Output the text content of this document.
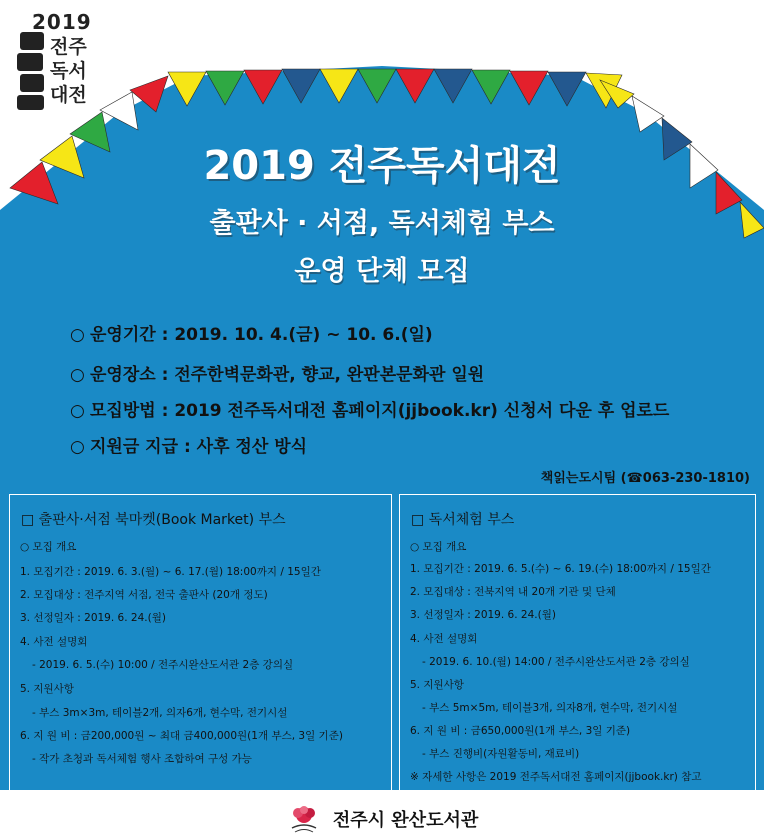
2019
전주
독서
대전
2019 전주독서대전
출판사 · 서점, 독서체험 부스
운영 단체 모집
○ 운영기간 : 2019. 10. 4.(금) ~ 10. 6.(일)
○ 운영장소 : 전주한벽문화관, 향교, 완판본문화관 일원
○ 모집방법 : 2019 전주독서대전 홈페이지(jjbook.kr) 신청서 다운 후 업로드
○ 지원금 지급 : 사후 정산 방식
책읽는도시팀 (☎063-230-1810)
□ 출판사·서점 북마켓(Book Market) 부스
○ 모집 개요
1. 모집기간 : 2019. 6. 3.(월) ~ 6. 17.(월) 18:00까지 / 15일간
2. 모집대상 : 전주지역 서점, 전국 출판사 (20개 정도)
3. 선정일자 : 2019. 6. 24.(월)
4. 사전 설명회
- 2019. 6. 5.(수) 10:00 / 전주시완산도서관 2층 강의실
5. 지원사항
- 부스 3m×3m, 테이블2개, 의자6개, 현수막, 전기시설
6. 지 원 비 : 금200,000원 ~ 최대 금400,000원(1개 부스, 3일 기준)
- 작가 초청과 독서체험 행사 조합하여 구성 가능
□ 독서체험 부스
○ 모집 개요
1. 모집기간 : 2019. 6. 5.(수) ~ 6. 19.(수) 18:00까지 / 15일간
2. 모집대상 : 전북지역 내 20개 기관 및 단체
3. 선정일자 : 2019. 6. 24.(월)
4. 사전 설명회
- 2019. 6. 10.(월) 14:00 / 전주시완산도서관 2층 강의실
5. 지원사항
- 부스 5m×5m, 테이블3개, 의자8개, 현수막, 전기시설
6. 지 원 비 : 금650,000원(1개 부스, 3일 기준)
- 부스 진행비(자원활동비, 재료비)
※ 자세한 사항은 2019 전주독서대전 홈페이지(jjbook.kr) 참고
전주시 완산도서관
